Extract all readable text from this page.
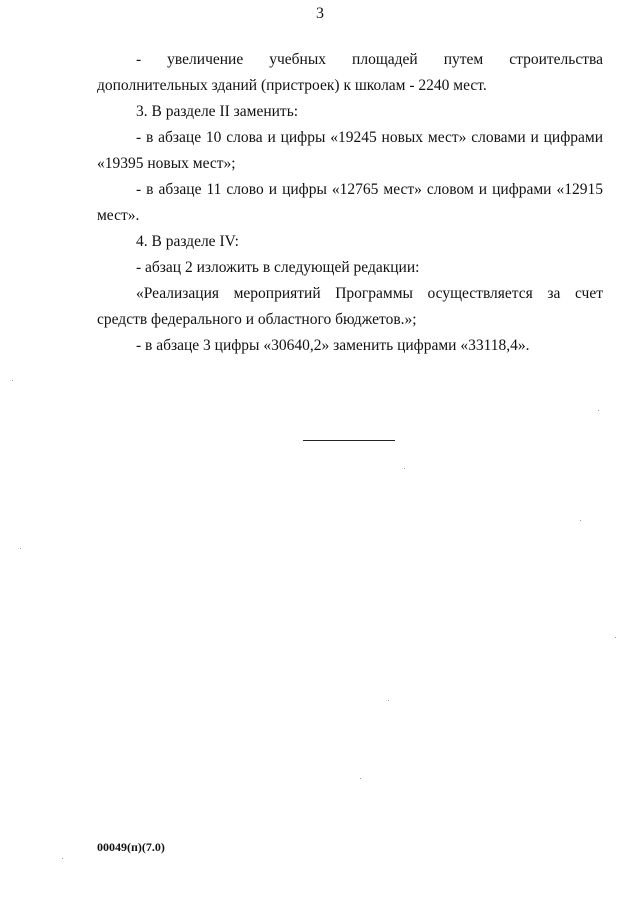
3

- увеличение учебных площадей путем строительства дополнительных зданий (пристроек) к школам - 2240 мест.

3. В разделе II заменить:

- в абзаце 10 слова и цифры «19245 новых мест» словами и цифрами «19395 новых мест»;

- в абзаце 11 слово и цифры «12765 мест» словом и цифрами «12915 мест».

4. В разделе IV:

- абзац 2 изложить в следующей редакции:

«Реализация мероприятий Программы осуществляется за счет средств федерального и областного бюджетов.»;

- в абзаце 3 цифры «30640,2» заменить цифрами «33118,4».

00049(п)(7.0)
